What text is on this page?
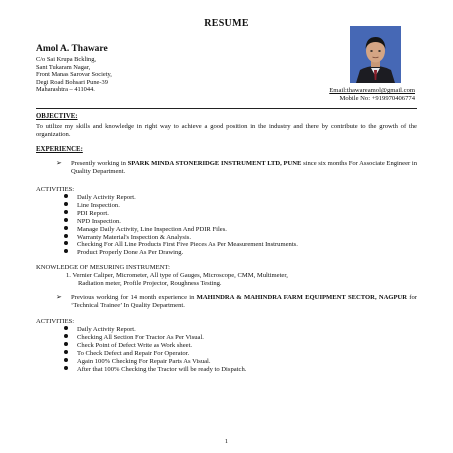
RESUME
Amol A. Thaware
C/o Sai Krupa Bckling,
Sant Tukaram Nagar,
Front Manas Sarovar Society,
Degi Road Bohsari Pune-39
Maharashtra – 411044.	Email:thawareamol@gmail.com
Mobile No: +919970406774
OBJECTIVE:
To utilize my skills and knowledge in right way to achieve a good position in the industry and there by contribute to the growth of the organization.
EXPERIENCE:
➢ Presently working in SPARK MINDA STONERIDGE INSTRUMENT LTD, PUNE since six months For Associate Engineer in Quality Department.
ACTIVITIES:
Daily Activity Report.
Line Inspection.
PDI Report.
NPD Inspection.
Manage Daily Activity, Line Inspection And PDIR Files.
Warranty Material's Inspection & Analysis.
Checking For All Line Products First Five Pieces As Per Measurement Instruments.
Product Properly Done As Per Drawing.
KNOWLEDGE OF MESURING INSTRUMENT:
1. Vernier Caliper, Micrometer, All type of Gauges, Microscope, CMM, Multimeter,
Radiation meter, Profile Projector, Roughness Testing.
➢ Previous working for 14 month experience in MAHINDRA & MAHINDRA FARM EQUIPMENT SECTOR, NAGPUR for ‘Technical Trainee’ In Quality Department.
ACTIVITIES:
Daily Activity Report.
Checking All Section For Tractor As Per Visual.
Check Point of Defect Write as Work sheet.
To Check Defect and Repair For Operator.
Again 100% Checking For Repair Parts As Visual.
After that 100% Checking the Tractor will be ready to Dispatch.
1
